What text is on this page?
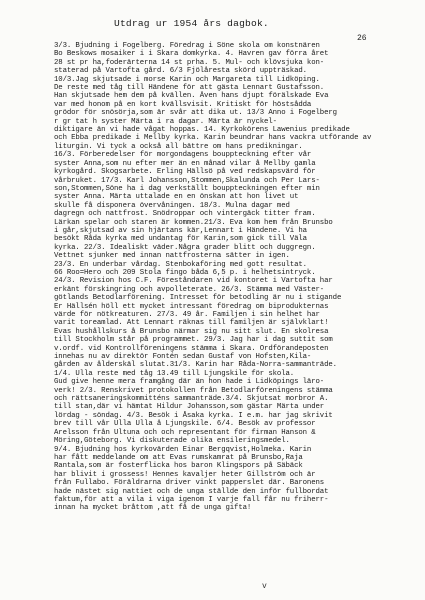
26
Utdrag ur 1954 års dagbok.
3/3. Bjudning i Fogelberg. Föredrag i Söne skola om konstnären
Bo Beskows mosaiker i i Skara domkyrka. 4. Havren gav förra året
28 st pr ha,foderärterna 14 st prha. 5. Mul- och klövsjuka kon-
staterad på Vartofta gård. 6/3 Fjölåresta skörd uppträskad.
10/3.Jag skjutsade i morse Karin och Margareta till Lidköping.
De reste med tåg till Händene för att gästa Lennart Gustafsson.
Han skjutsade hem dem på kvällen. Även hans djupt förälskade Eva
var med honom på en kort kvällsvisit. Kritiskt för höstsådda
grödor för snösörja,som är svår att dika ut. 13/3 Anno i Fogelberg
r gr tat h syster Märta i ra dagar. Märta är nyckel-
diktigare än vi hade vågat hoppas. 14. Kyrkokörens Lawenius predikade
och Ebba predikade i Mellby kyrka. Karin beundrar hans vackra utförande av
liturgin. Vi tyck a också all bättre om hans predikningar.
16/3. Förberedelser för morgondagens bouppteckning efter vår
syster Anna,som nu efter mer än en månad vilar å Mellby gamla
kyrkogård. Skogsarbete. Erling Hällsö på ved redskapsvärd för
vårbruket. 17/3. Karl Johansson,Stommen,Skalunda och Per Lars-
son,Stommen,Söne ha i dag verkställt bouppteckningen efter min
syster Anna. Märta uttalade en en önskan att hon livet ut
skulle få disponera övervåningen. 18/3. Mulna dagar med
dagregn och nattfrost. Snödroppar och vintergäck titter fram.
Lärkan spelar och staren är kommen.21/3. Eva kom hem från Brunsbo
i går,skjutsad av sin hjärtans kär,Lennart i Händene. Vi ha
besökt Råda kyrka med undantag för Karin,som gick till Väla
kyrka. 22/3. Idealiskt väder.Några grader blitt och duggregn.
Vettnet sjunker med innan nattfrosterna sätter in igen.
23/3. En underbar vårdag. Stenbokaföring med gott resultat.
66 Roo=Hero och 209 Stola fingo båda 6,5 p. i helhetsintryck.
24/3. Revision hos C.F. Föreståndaren vid kontoret i Vartofta har
erkänt förskingring och avpolleterate. 26/3. Stämma med Väster-
götlands Betodlarförening. Intresset för betodling är nu i stigande
Er Hällsén höll ett mycket intressant föredrag om biprodukternas
värde för nötkreaturen. 27/3. 49 år. Familjen i sin helhet har
varit toreamlad. Att Lennart räknas till familjen är självklart!
Evas hushållskurs å Brunsbo närmar sig nu sitt slut. En skolresa
till Stockholm står på programmet. 29/3. Jag har i dag suttit som
v.ordf. vid Kontrollföreningens stämma i Skara. Ordförandeposten
innehas nu av direktör Fontén sedan Gustaf von Hofsten,Kila-
gården av ålderskäl slutat.31/3. Karin har Råda-Norra-sammanträde.
1/4. Ulla reste med tåg 13.49 till Ljungskile för skola.
Gud give henne mera framgång där än hon hade i Lidköpings läro-
verk! 2/3. Renskrivet protokollen från Betodlarföreningens stämma
och rättsaneringskommitténs sammanträde.3/4. Skjutsat morbror A.
till stan,där vi hämtat Hildur Johansson,som gästar Märta under
lördag - söndag. 4/3. Besök i Åsaka kyrka. I e.m. har jag skrivit
brev till vår Ulla Ulla å Ljungskile. 6/4. Besök av professor
Arelsson från Ultuna och och representant för firman Hanson &
Möring,Göteborg. Vi diskuterade olika ensileringsmedel.
9/4. Bjudning hos kyrkovärden Einar Bergqvist,Holmeka. Karin
har fått meddelande om att Evas rumskamrat på Brunsbo,Raja
Rantala,som är fosterflicka hos baron Klingspors på Säbäck
har blivit i grossess! Hennes kavaljer heter Gillström och är
från Fullabo. Föräldrarna driver vinkt papperslet där. Baronens
hade nästet sig nattiet och de unga ställde den inför fullbordat
faktum,för att a vila i viga igenom I varje fall får nu friherr-
innan ha mycket bråttom ,att få de unga gifta!
v
